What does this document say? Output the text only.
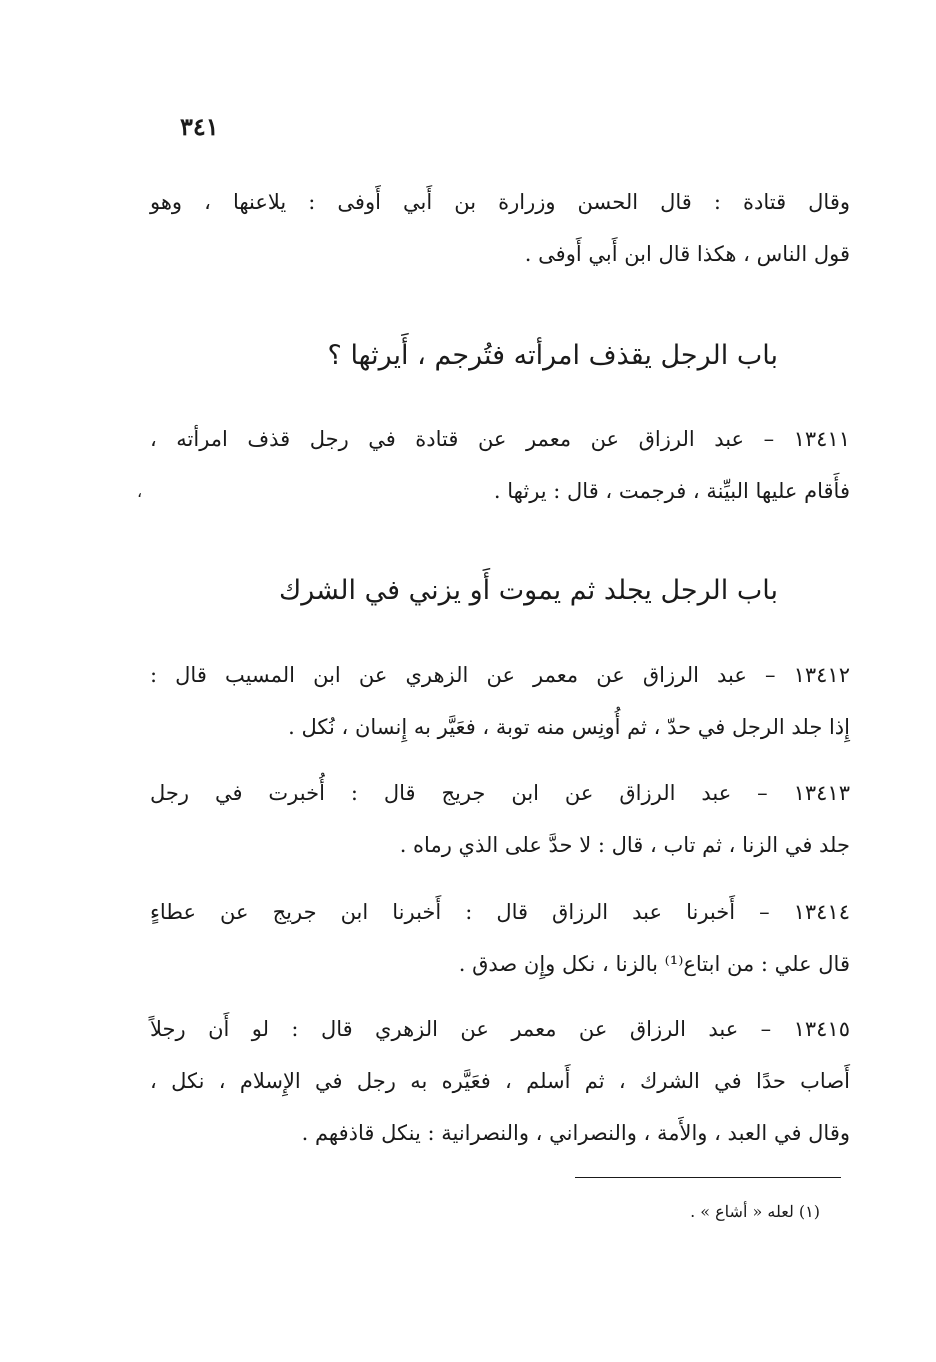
٣٤١
وقال قتادة : قال الحسن وزرارة بن أَبي أَوفى : يلاعنها ، وهو
قول الناس ، هكذا قال ابن أَبي أَوفى .
باب الرجل يقذف امرأته فتُرجم ، أَيرثها ؟
١٣٤١١ – عبد الرزاق عن معمر عن قتادة في رجل قذف امرأته ،
فأَقام عليها البيِّنة ، فرجمت ، قال : يرثها .
،
باب الرجل يجلد ثم يموت أَو يزني في الشرك
١٣٤١٢ – عبد الرزاق عن معمر عن الزهري عن ابن المسيب قال :
إِذا جلد الرجل في حدّ ، ثم أُونِس منه توبة ، فعَيَّر به إِنسان ، نُكل .
١٣٤١٣ – عبد الرزاق عن ابن جريج قال : أُخبرت في رجل
جلد في الزنا ، ثم تاب ، قال : لا حدَّ على الذي رماه .
١٣٤١٤ – أَخبرنا عبد الرزاق قال : أَخبرنا ابن جريج عن عطاءٍ
قال علي : من ابتاع⁽¹⁾ بالزنا ، نكل وإِن صدق .
١٣٤١٥ – عبد الرزاق عن معمر عن الزهري قال : لو أَن رجلاً
أَصاب حدًا في الشرك ، ثم أَسلم ، فعَيَّره به رجل في الإِسلام ، نكل ،
وقال في العبد ، والأَمة ، والنصراني ، والنصرانية : ينكل قاذفهم .
(١) لعله « أشاع » .
